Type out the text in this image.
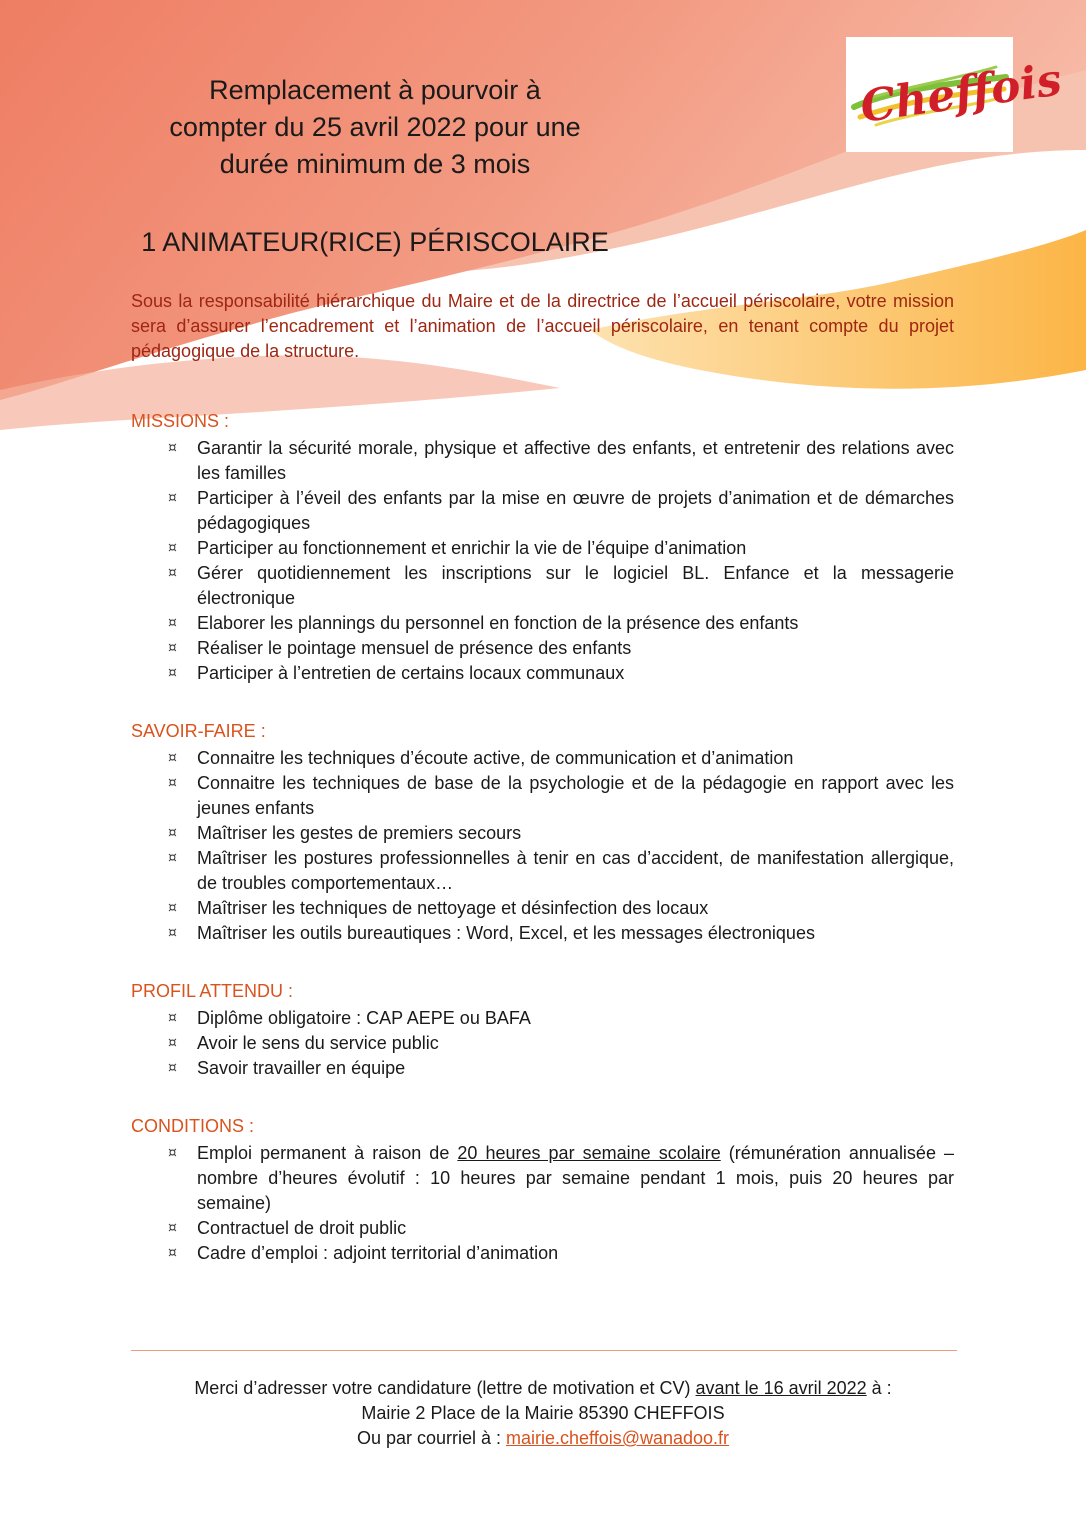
Cheffois
Remplacement à pourvoir à
compter du 25 avril 2022 pour une
durée minimum de 3 mois
1 ANIMATEUR(RICE) PÉRISCOLAIRE
Sous la responsabilité hiérarchique du Maire et de la directrice de l’accueil périscolaire, votre mission sera d’assurer l’encadrement et l’animation de l’accueil périscolaire, en tenant compte du projet pédagogique de la structure.
MISSIONS :
¤ Garantir la sécurité morale, physique et affective des enfants, et entretenir des relations avec les familles
¤ Participer à l’éveil des enfants par la mise en œuvre de projets d’animation et de démarches pédagogiques
¤ Participer au fonctionnement et enrichir la vie de l’équipe d’animation
¤ Gérer quotidiennement les inscriptions sur le logiciel BL. Enfance et la messagerie électronique
¤ Elaborer les plannings du personnel en fonction de la présence des enfants
¤ Réaliser le pointage mensuel de présence des enfants
¤ Participer à l’entretien de certains locaux communaux
SAVOIR-FAIRE :
¤ Connaitre les techniques d’écoute active, de communication et d’animation
¤ Connaitre les techniques de base de la psychologie et de la pédagogie en rapport avec les jeunes enfants
¤ Maîtriser les gestes de premiers secours
¤ Maîtriser les postures professionnelles à tenir en cas d’accident, de manifestation allergique, de troubles comportementaux…
¤ Maîtriser les techniques de nettoyage et désinfection des locaux
¤ Maîtriser les outils bureautiques : Word, Excel, et les messages électroniques
PROFIL ATTENDU :
¤ Diplôme obligatoire : CAP AEPE ou BAFA
¤ Avoir le sens du service public
¤ Savoir travailler en équipe
CONDITIONS :
¤ Emploi permanent à raison de 20 heures par semaine scolaire (rémunération annualisée – nombre d’heures évolutif : 10 heures par semaine pendant 1 mois, puis 20 heures par semaine)
¤ Contractuel de droit public
¤ Cadre d’emploi : adjoint territorial d’animation
Merci d’adresser votre candidature (lettre de motivation et CV) avant le 16 avril 2022 à :
Mairie 2 Place de la Mairie 85390 CHEFFOIS
Ou par courriel à : mairie.cheffois@wanadoo.fr
